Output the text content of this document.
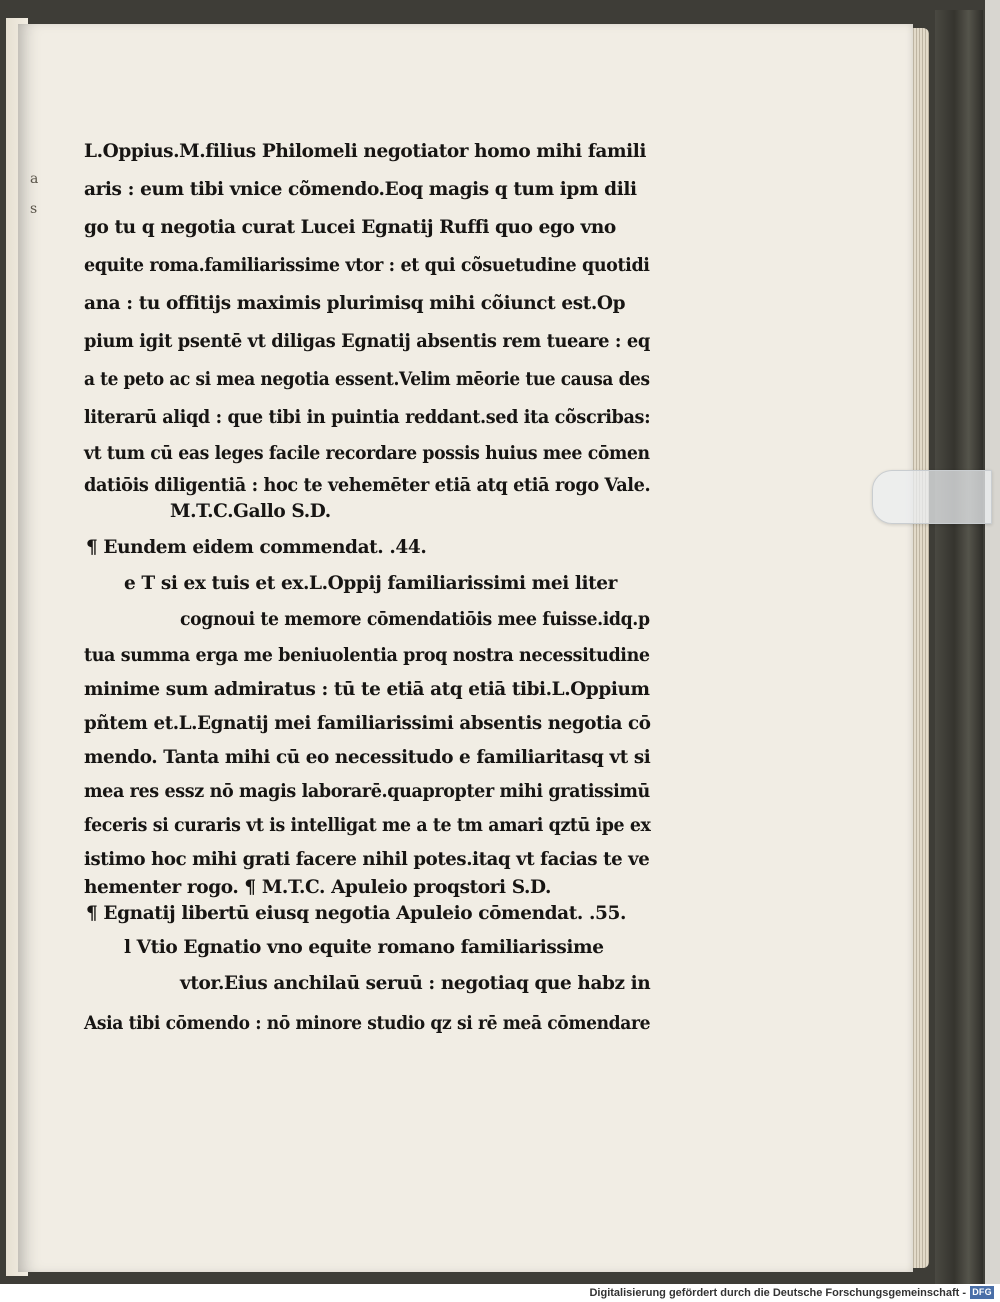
a
s
L.Oppius.M.filius Philomeli negotiator homo mihi famili
aris : eum tibi vnice cõmendo.Eoq magis q tum ipm dili
go tu q negotia curat Lucei Egnatij Ruffi quo ego vno
equite roma.familiarissime vtor : et qui cõsuetudine quotidi
ana : tu offitijs maximis plurimisq mihi cõiunct est.Op
pium igit psentē vt diligas Egnatij absentis rem tueare : eq
a te peto ac si mea negotia essent.Velim mēorie tue causa des
literarū aliqd : que tibi in puintia reddant.sed ita cõscribas:
vt tum cū eas leges facile recordare possis huius mee cōmen
datiōis diligentiā : hoc te vehemēter etiā atq etiā rogo Vale.
M.T.C.Gallo S.D.
¶ Eundem eidem commendat. .44.
e T si ex tuis et ex.L.Oppij familiarissimi mei liter
cognoui te memore cōmendatiōis mee fuisse.idq.p
tua summa erga me beniuolentia proq nostra necessitudine
minime sum admiratus : tū te etiā atq etiā tibi.L.Oppium
pñtem et.L.Egnatij mei familiarissimi absentis negotia cō
mendo. Tanta mihi cū eo necessitudo e familiaritasq vt si
mea res essz nō magis laborarē.quapropter mihi gratissimū
feceris si curaris vt is intelligat me a te tm amari qztū ipe ex
istimo hoc mihi grati facere nihil potes.itaq vt facias te ve
hementer rogo. ¶ M.T.C. Apuleio proqstori S.D.
¶ Egnatij libertū eiusq negotia Apuleio cōmendat. .55.
l Vtio Egnatio vno equite romano familiarissime
vtor.Eius anchilaū seruū : negotiaq que habz in
Asia tibi cōmendo : nō minore studio qz si rē meā cōmendare
Digitalisierung gefördert durch die Deutsche Forschungsgemeinschaft - DFG
